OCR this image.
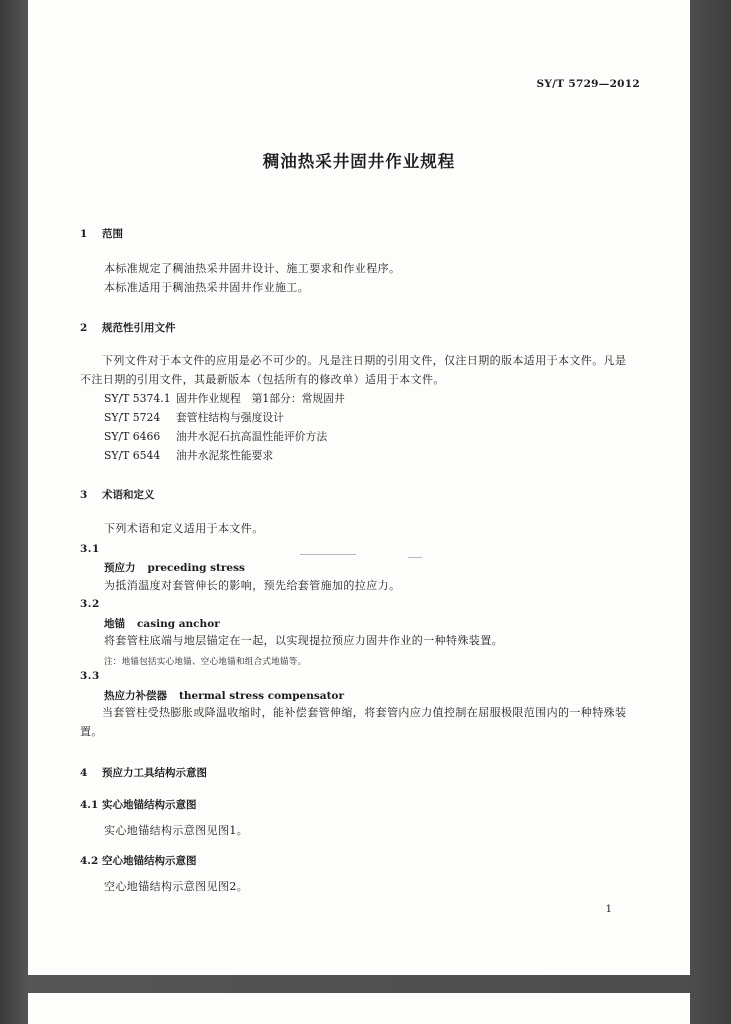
SY/T 5729—2012
稠油热采井固井作业规程
1 范围
本标准规定了稠油热采井固井设计、施工要求和作业程序。
本标准适用于稠油热采井固井作业施工。
2 规范性引用文件
下列文件对于本文件的应用是必不可少的。凡是注日期的引用文件，仅注日期的版本适用于本文件。凡是不注日期的引用文件，其最新版本（包括所有的修改单）适用于本文件。
SY/T 5374.1 固井作业规程　第1部分：常规固井
SY/T 5724 套管柱结构与强度设计
SY/T 6466 油井水泥石抗高温性能评价方法
SY/T 6544 油井水泥浆性能要求
3 术语和定义
下列术语和定义适用于本文件。
3.1
预应力 preceding stress
为抵消温度对套管伸长的影响，预先给套管施加的拉应力。
3.2
地锚 casing anchor
将套管柱底端与地层锚定在一起，以实现提拉预应力固井作业的一种特殊装置。
注：地锚包括实心地锚、空心地锚和组合式地锚等。
3.3
热应力补偿器 thermal stress compensator
当套管柱受热膨胀或降温收缩时，能补偿套管伸缩，将套管内应力值控制在屈服极限范围内的一种特殊装置。
4 预应力工具结构示意图
4.1 实心地锚结构示意图
实心地锚结构示意图见图1。
4.2 空心地锚结构示意图
空心地锚结构示意图见图2。
1
